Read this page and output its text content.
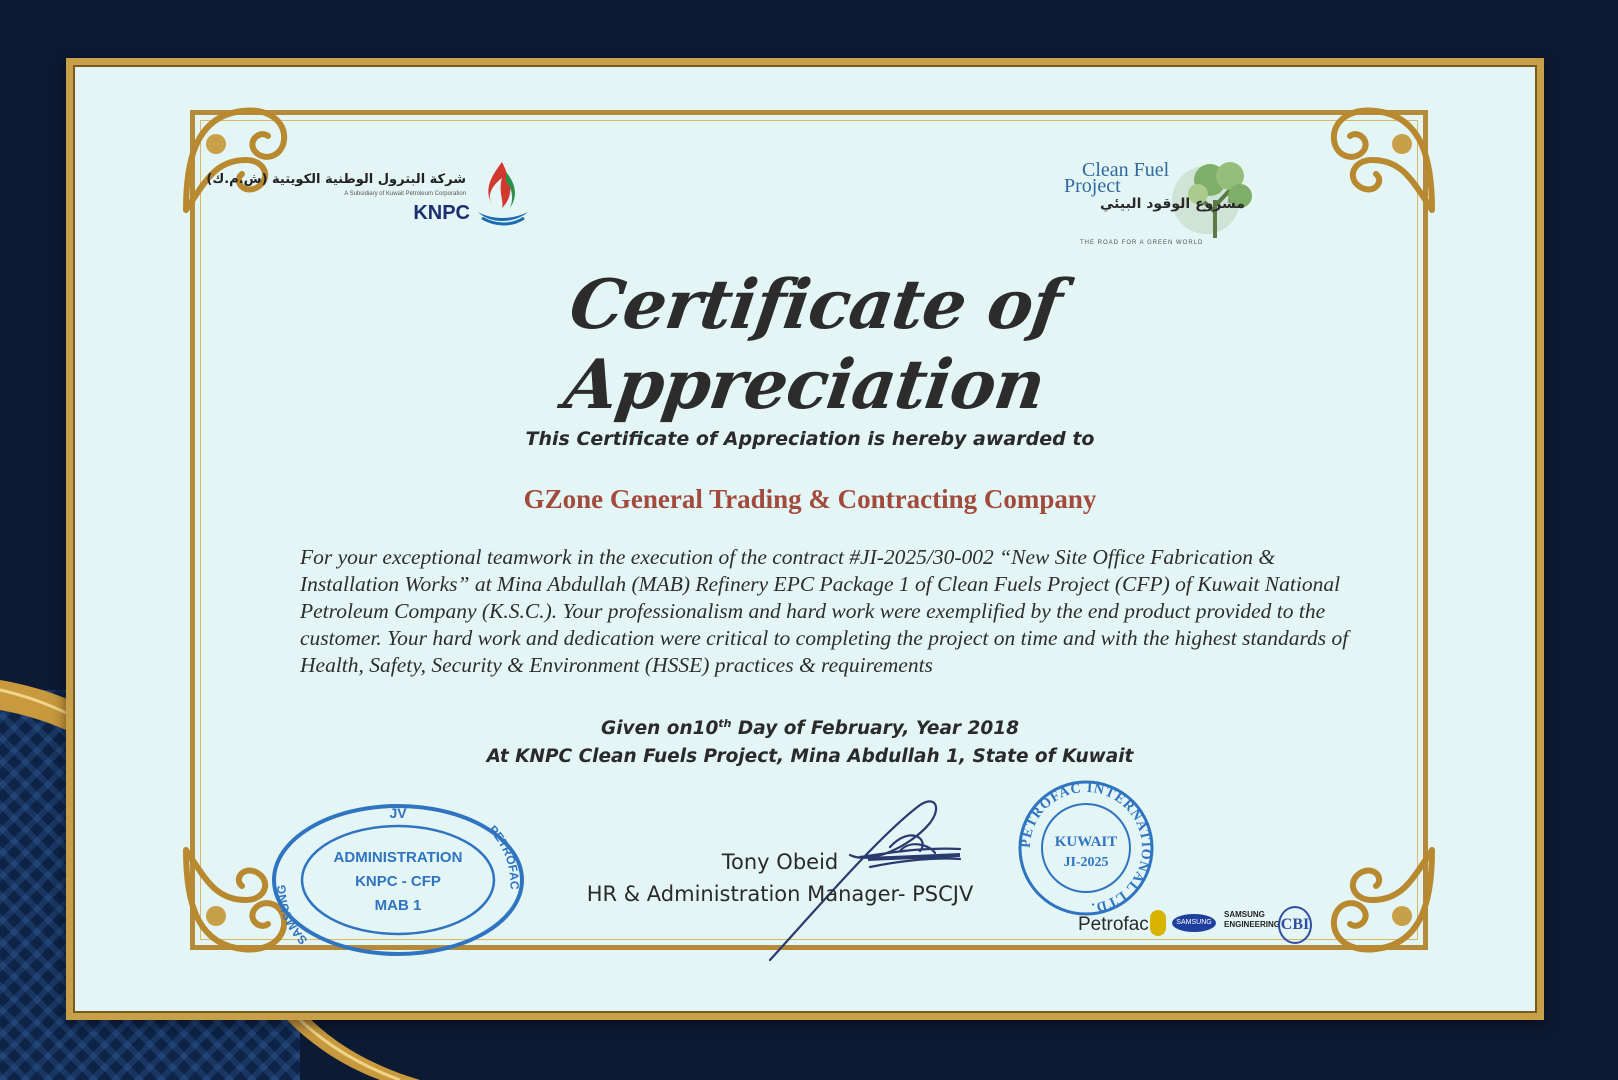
شركة البترول الوطنية الكويتية (ش.م.ك)
A Subsidiary of Kuwait Petroleum Corporation
KNPC
Clean Fuel
Project
مشروع الوقود البيئي
THE ROAD FOR A GREEN WORLD
Certificate of Appreciation
This Certificate of Appreciation is hereby awarded to
GZone General Trading & Contracting Company
For your exceptional teamwork in the execution of the contract #JI-2025/30-002 “New Site Office Fabrication & Installation Works” at Mina Abdullah (MAB) Refinery EPC Package 1 of Clean Fuels Project (CFP) of Kuwait National Petroleum Company (K.S.C.). Your professionalism and hard work were exemplified by the end product provided to the customer. Your hard work and dedication were critical to completing the project on time and with the highest standards of Health, Safety, Security & Environment (HSSE) practices & requirements
Given on10th Day of February, Year 2018
At KNPC Clean Fuels Project, Mina Abdullah 1, State of Kuwait
JV
ADMINISTRATION
KNPC - CFP
MAB 1
SAMSUNG
PETROFAC
Tony Obeid
HR & Administration Manager- PSCJV
PETROFAC INTERNATIONAL LTD.
KUWAIT
JI-2025
Petrofac	SAMSUNG
SAMSUNG
ENGINEERING CBI
